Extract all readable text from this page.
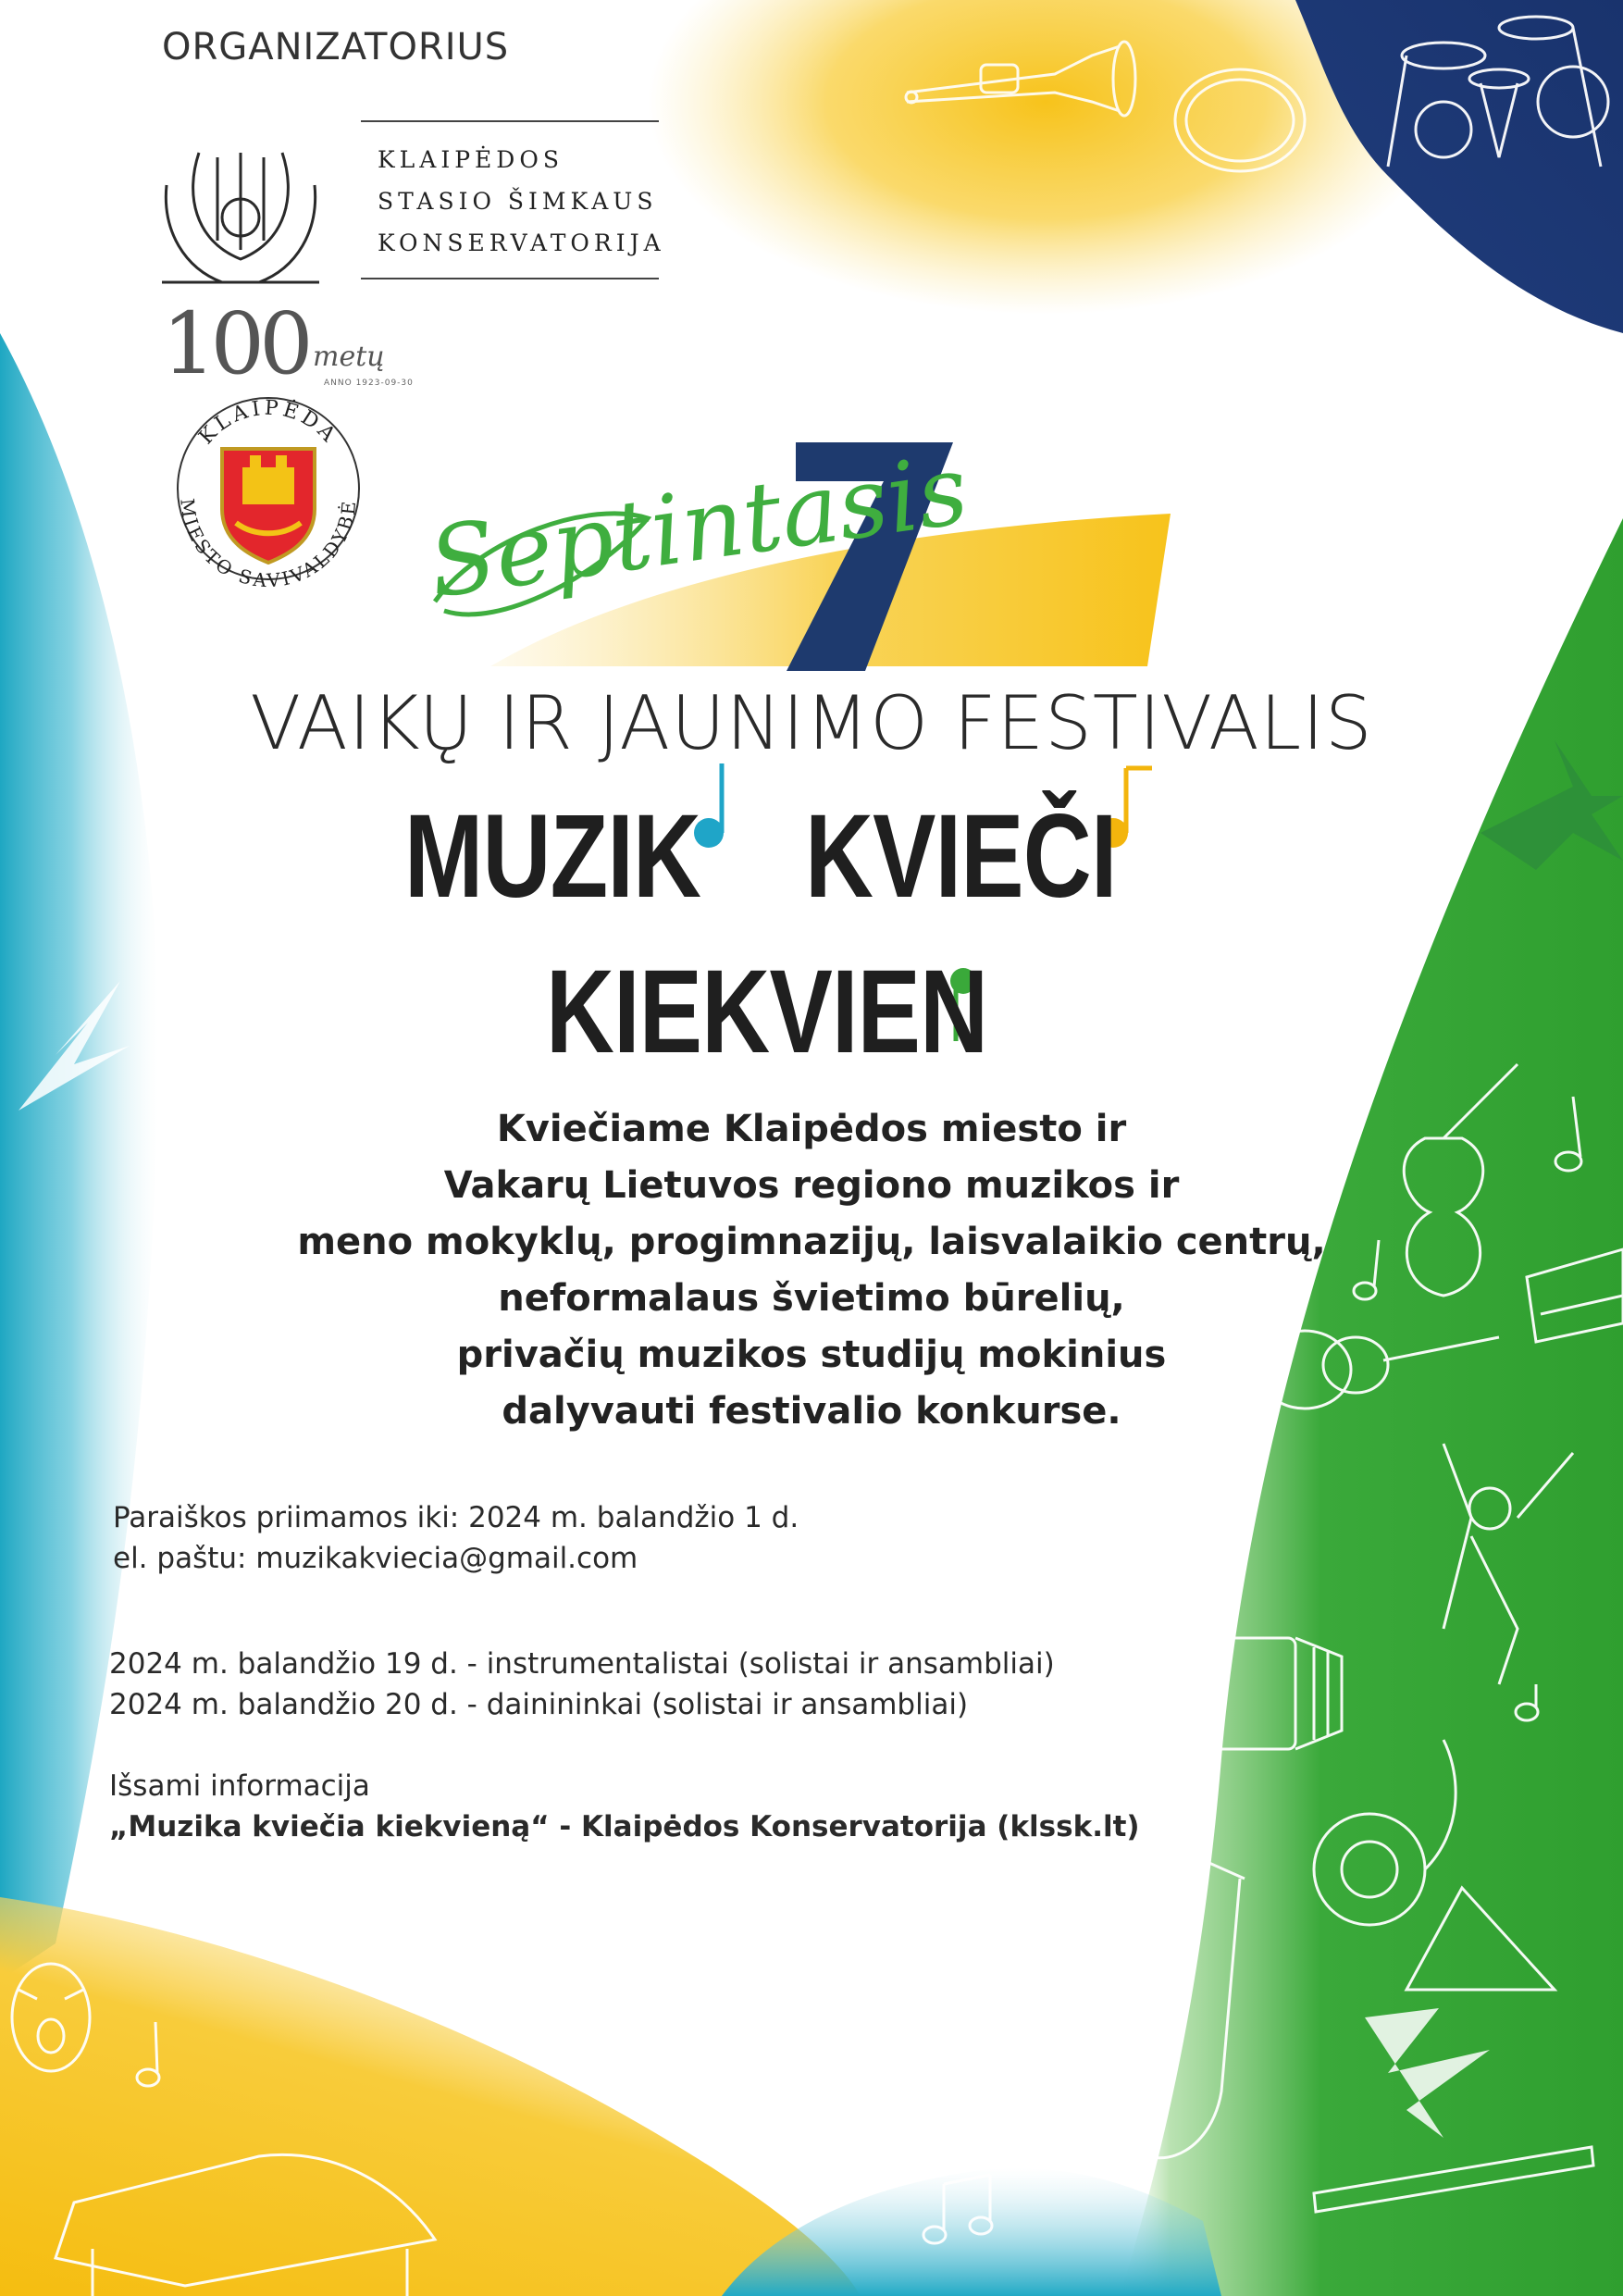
ORGANIZATORIUS
KLAIPĖDOS
STASIO ŠIMKAUS
KONSERVATORIJA
100 metų
ANNO 1923-09-30
KLAIPĖDA
MIESTO SAVIVALDYBĖ Septintasis
VAIKŲ IR JAUNIMO FESTIVALIS
MUZIK KVIEČI
KIEKVIEN
Kviečiame Klaipėdos miesto ir
Vakarų Lietuvos regiono muzikos ir
meno mokyklų, progimnazijų, laisvalaikio centrų,
neformalaus švietimo būrelių,
privačių muzikos studijų mokinius
dalyvauti festivalio konkurse.
Paraiškos priimamos iki: 2024 m. balandžio 1 d.
el. paštu: muzikakviecia@gmail.com
2024 m. balandžio 19 d. - instrumentalistai (solistai ir ansambliai)
2024 m. balandžio 20 d. - dainininkai (solistai ir ansambliai)
Išsami informacija
„Muzika kviečia kiekvieną“ - Klaipėdos Konservatorija (klssk.lt)
